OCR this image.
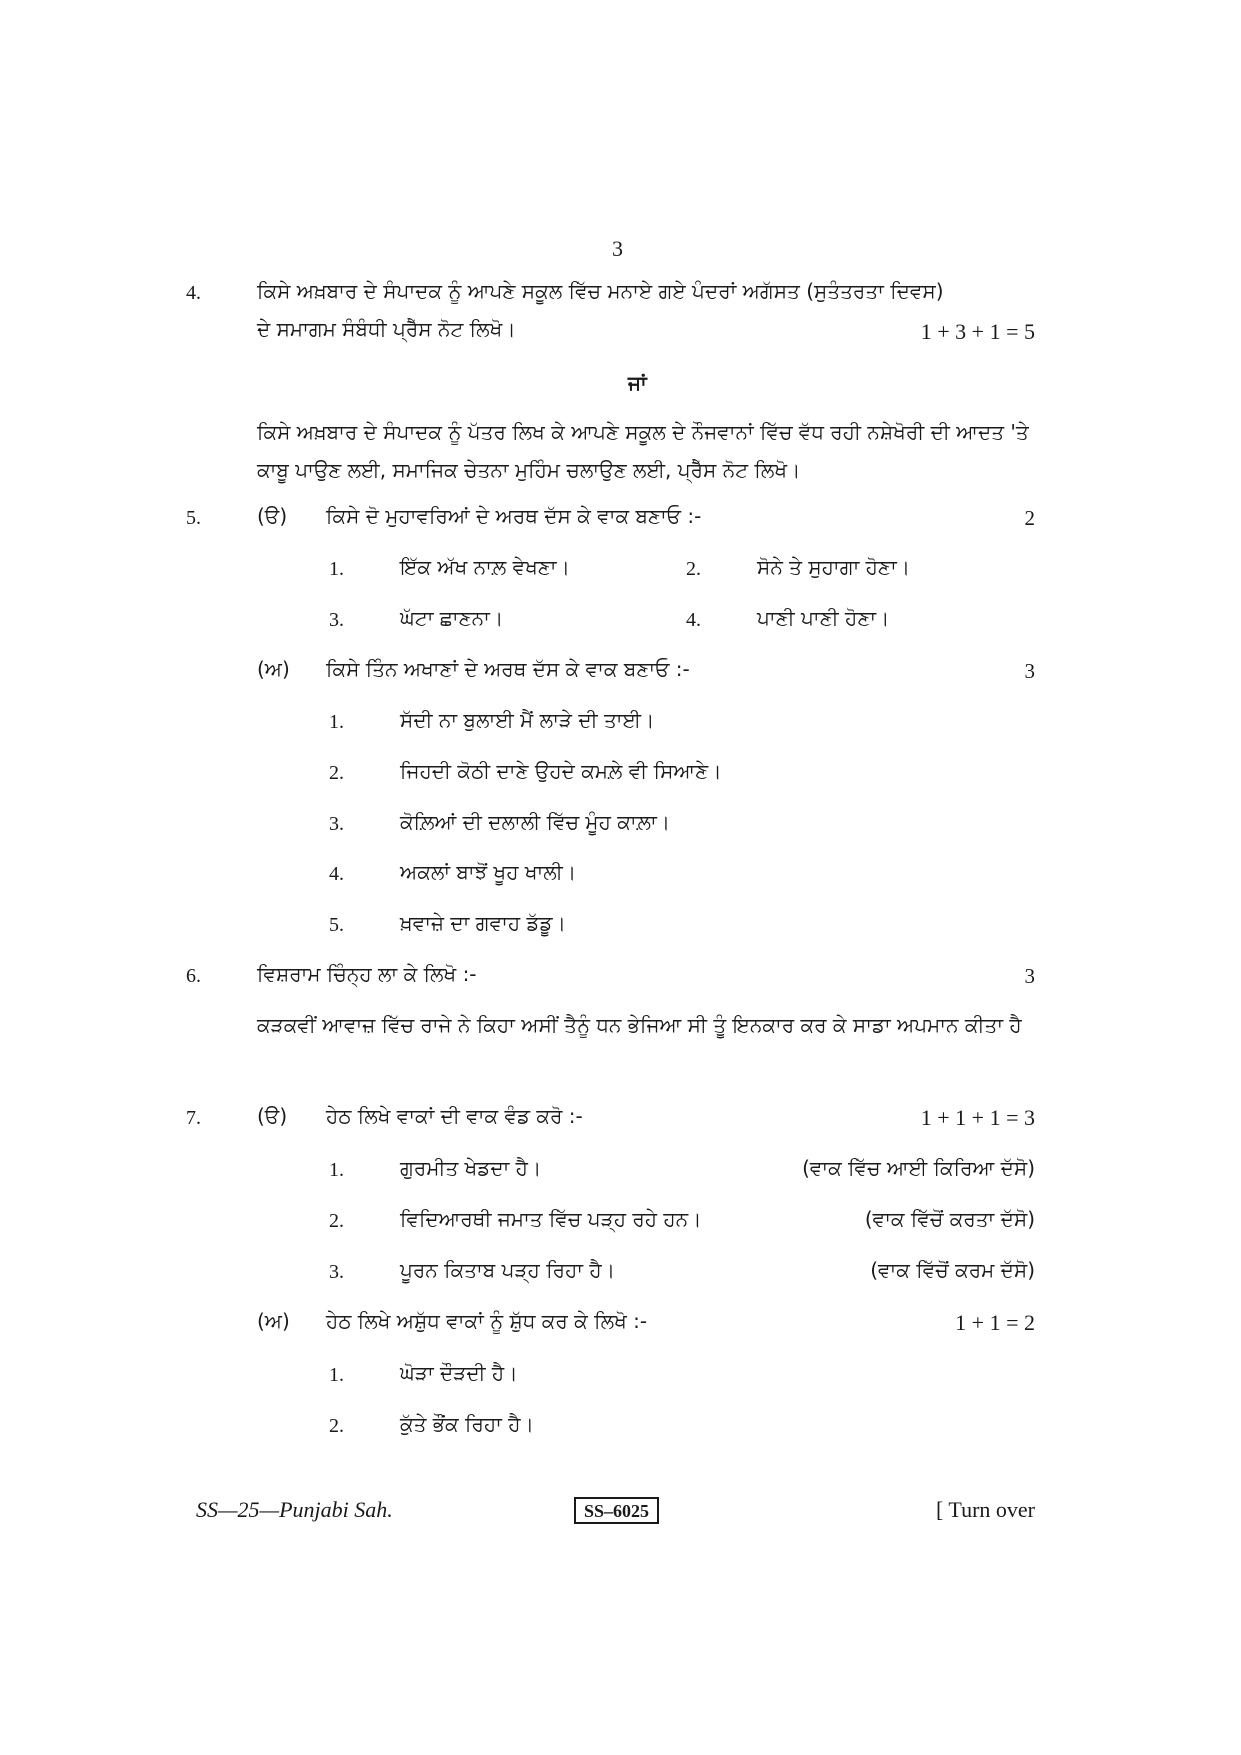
3
4.	ਕਿਸੇ ਅਖ਼ਬਾਰ ਦੇ ਸੰਪਾਦਕ ਨੂੰ ਆਪਣੇ ਸਕੂਲ ਵਿੱਚ ਮਨਾਏ ਗਏ ਪੰਦਰਾਂ ਅਗੱਸਤ (ਸੁਤੰਤਰਤਾ ਦਿਵਸ)
ਦੇ ਸਮਾਗਮ ਸੰਬੰਧੀ ਪ੍ਰੈੱਸ ਨੋਟ ਲਿਖੋ।	1 + 3 + 1 = 5
ਜਾਂ
ਕਿਸੇ ਅਖ਼ਬਾਰ ਦੇ ਸੰਪਾਦਕ ਨੂੰ ਪੱਤਰ ਲਿਖ ਕੇ ਆਪਣੇ ਸਕੂਲ ਦੇ ਨੌਜਵਾਨਾਂ ਵਿੱਚ ਵੱਧ ਰਹੀ ਨਸ਼ੇਖੋਰੀ ਦੀ ਆਦਤ 'ਤੇ ਕਾਬੂ ਪਾਉਣ ਲਈ, ਸਮਾਜਿਕ ਚੇਤਨਾ ਮੁਹਿੰਮ ਚਲਾਉਣ ਲਈ, ਪ੍ਰੈੱਸ ਨੋਟ ਲਿਖੋ।
5.	(ੳ) ਕਿਸੇ ਦੋ ਮੁਹਾਵਰਿਆਂ ਦੇ ਅਰਥ ਦੱਸ ਕੇ ਵਾਕ ਬਣਾਓ :-	2
1.	ਇੱਕ ਅੱਖ ਨਾਲ਼ ਵੇਖਣਾ।	2.	ਸੋਨੇ ਤੇ ਸੁਹਾਗਾ ਹੋਣਾ।
3.	ਘੱਟਾ ਛਾਣਨਾ।	4.	ਪਾਣੀ ਪਾਣੀ ਹੋਣਾ।
(ਅ) ਕਿਸੇ ਤਿੰਨ ਅਖਾਣਾਂ ਦੇ ਅਰਥ ਦੱਸ ਕੇ ਵਾਕ ਬਣਾਓ :-	3
1.	ਸੱਦੀ ਨਾ ਬੁਲਾਈ ਮੈਂ ਲਾੜੇ ਦੀ ਤਾਈ।
2.	ਜਿਹਦੀ ਕੋਠੀ ਦਾਣੇ ਉਹਦੇ ਕਮਲ਼ੇ ਵੀ ਸਿਆਣੇ।
3.	ਕੋਲ਼ਿਆਂ ਦੀ ਦਲਾਲੀ ਵਿੱਚ ਮੂੰਹ ਕਾਲ਼ਾ।
4.	ਅਕਲਾਂ ਬਾਝੋਂ ਖੂਹ ਖਾਲੀ।
5.	ਖ਼ਵਾਜ਼ੇ ਦਾ ਗਵਾਹ ਡੱਡੂ।
6.	ਵਿਸ਼ਰਾਮ ਚਿੰਨ੍ਹ ਲਾ ਕੇ ਲਿਖੋ :-	3
ਕੜਕਵੀਂ ਆਵਾਜ਼ ਵਿੱਚ ਰਾਜੇ ਨੇ ਕਿਹਾ ਅਸੀਂ ਤੈਨੂੰ ਧਨ ਭੇਜਿਆ ਸੀ ਤੂੰ ਇਨਕਾਰ ਕਰ ਕੇ ਸਾਡਾ ਅਪਮਾਨ ਕੀਤਾ ਹੈ
7.	(ੳ) ਹੇਠ ਲਿਖੇ ਵਾਕਾਂ ਦੀ ਵਾਕ ਵੰਡ ਕਰੋ :-	1 + 1 + 1 = 3
1.	ਗੁਰਮੀਤ ਖੇਡਦਾ ਹੈ।	(ਵਾਕ ਵਿੱਚ ਆਈ ਕਿਰਿਆ ਦੱਸੋ)
2.	ਵਿਦਿਆਰਥੀ ਜਮਾਤ ਵਿੱਚ ਪੜ੍ਹ ਰਹੇ ਹਨ।	(ਵਾਕ ਵਿੱਚੋਂ ਕਰਤਾ ਦੱਸੋ)
3.	ਪੂਰਨ ਕਿਤਾਬ ਪੜ੍ਹ ਰਿਹਾ ਹੈ।	(ਵਾਕ ਵਿੱਚੋਂ ਕਰਮ ਦੱਸੋ)
(ਅ) ਹੇਠ ਲਿਖੇ ਅਸ਼ੁੱਧ ਵਾਕਾਂ ਨੂੰ ਸ਼ੁੱਧ ਕਰ ਕੇ ਲਿਖੋ :-	1 + 1 = 2
1.	ਘੋੜਾ ਦੌੜਦੀ ਹੈ।
2.	ਕੁੱਤੇ ਭੌਂਕ ਰਿਹਾ ਹੈ।
SS—25—Punjabi Sah.	SS–6025	[ Turn over
